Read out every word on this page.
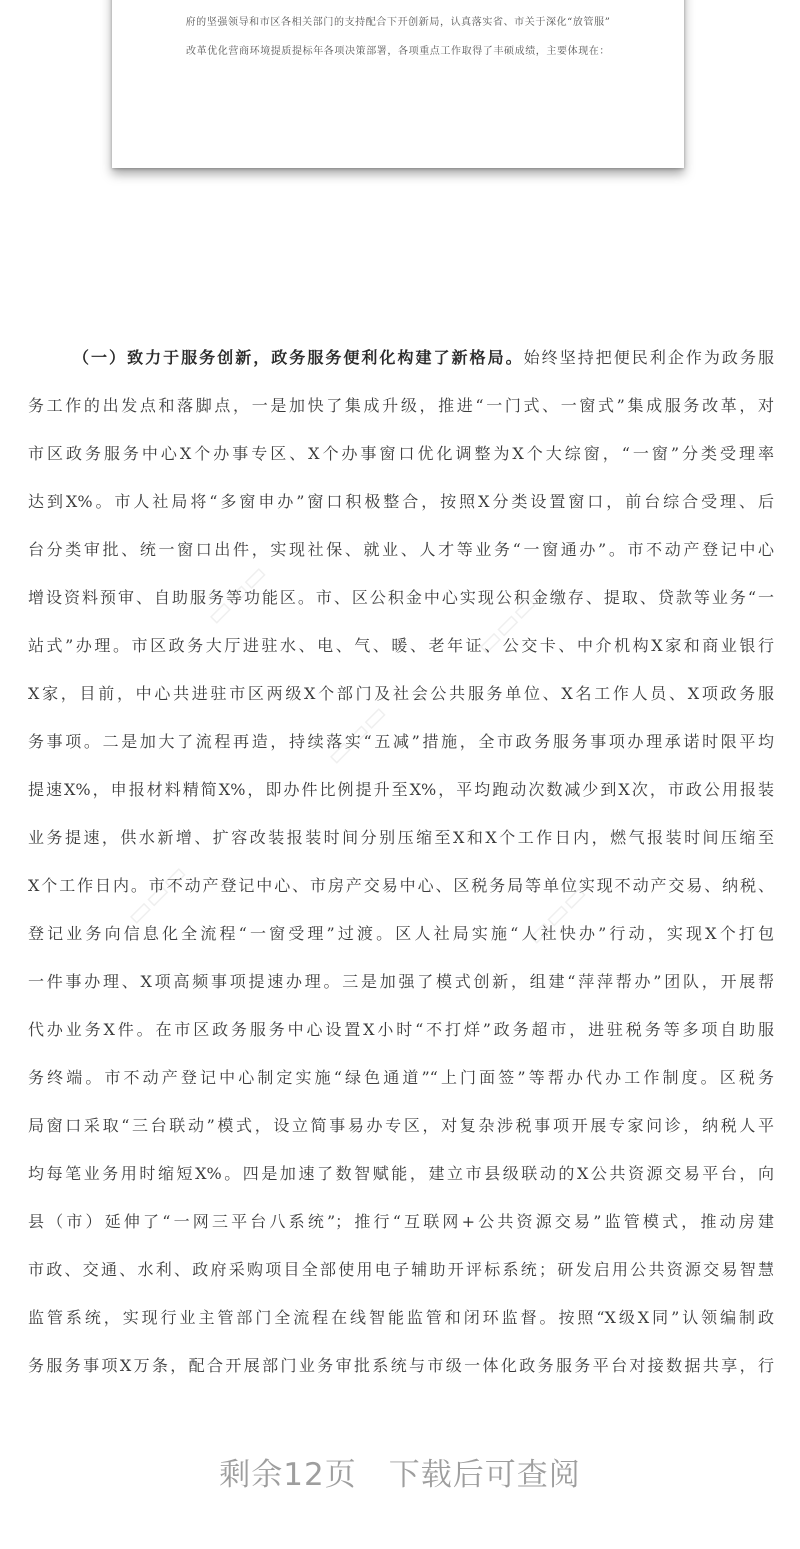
府的坚强领导和市区各相关部门的支持配合下开创新局，认真落实省、市关于深化“放管服”
改革优化营商环境提质提标年各项决策部署，各项重点工作取得了丰硕成绩，主要体现在：
▭▭▭	▭▭▭
▭▭▭
▭▭▭	▭▭▭
（一）致力于服务创新，政务服务便利化构建了新格局。始终坚持把便民利企作为政务服
务工作的出发点和落脚点，一是加快了集成升级，推进“一门式、一窗式”集成服务改革，对
市区政务服务中心X个办事专区、X个办事窗口优化调整为X个大综窗，“一窗”分类受理率
达到X%。市人社局将“多窗申办”窗口积极整合，按照X分类设置窗口，前台综合受理、后
台分类审批、统一窗口出件，实现社保、就业、人才等业务“一窗通办”。市不动产登记中心
增设资料预审、自助服务等功能区。市、区公积金中心实现公积金缴存、提取、贷款等业务“一
站式”办理。市区政务大厅进驻水、电、气、暖、老年证、公交卡、中介机构X家和商业银行
X家，目前，中心共进驻市区两级X个部门及社会公共服务单位、X名工作人员、X项政务服
务事项。二是加大了流程再造，持续落实“五减”措施，全市政务服务事项办理承诺时限平均
提速X%，申报材料精简X%，即办件比例提升至X%，平均跑动次数减少到X次，市政公用报装
业务提速，供水新增、扩容改装报装时间分别压缩至X和X个工作日内，燃气报装时间压缩至
X个工作日内。市不动产登记中心、市房产交易中心、区税务局等单位实现不动产交易、纳税、
登记业务向信息化全流程“一窗受理”过渡。区人社局实施“人社快办”行动，实现X个打包
一件事办理、X项高频事项提速办理。三是加强了模式创新，组建“萍萍帮办”团队，开展帮
代办业务X件。在市区政务服务中心设置X小时“不打烊”政务超市，进驻税务等多项自助服
务终端。市不动产登记中心制定实施“绿色通道”“上门面签”等帮办代办工作制度。区税务
局窗口采取“三台联动”模式，设立简事易办专区，对复杂涉税事项开展专家问诊，纳税人平
均每笔业务用时缩短X%。四是加速了数智赋能，建立市县级联动的X公共资源交易平台，向
县（市）延伸了“一网三平台八系统”；推行“互联网+公共资源交易”监管模式，推动房建
市政、交通、水利、政府采购项目全部使用电子辅助开评标系统；研发启用公共资源交易智慧
监管系统，实现行业主管部门全流程在线智能监管和闭环监督。按照“X级X同”认领编制政
务服务事项X万条，配合开展部门业务审批系统与市级一体化政务服务平台对接数据共享，行
剩余12页　下载后可查阅
